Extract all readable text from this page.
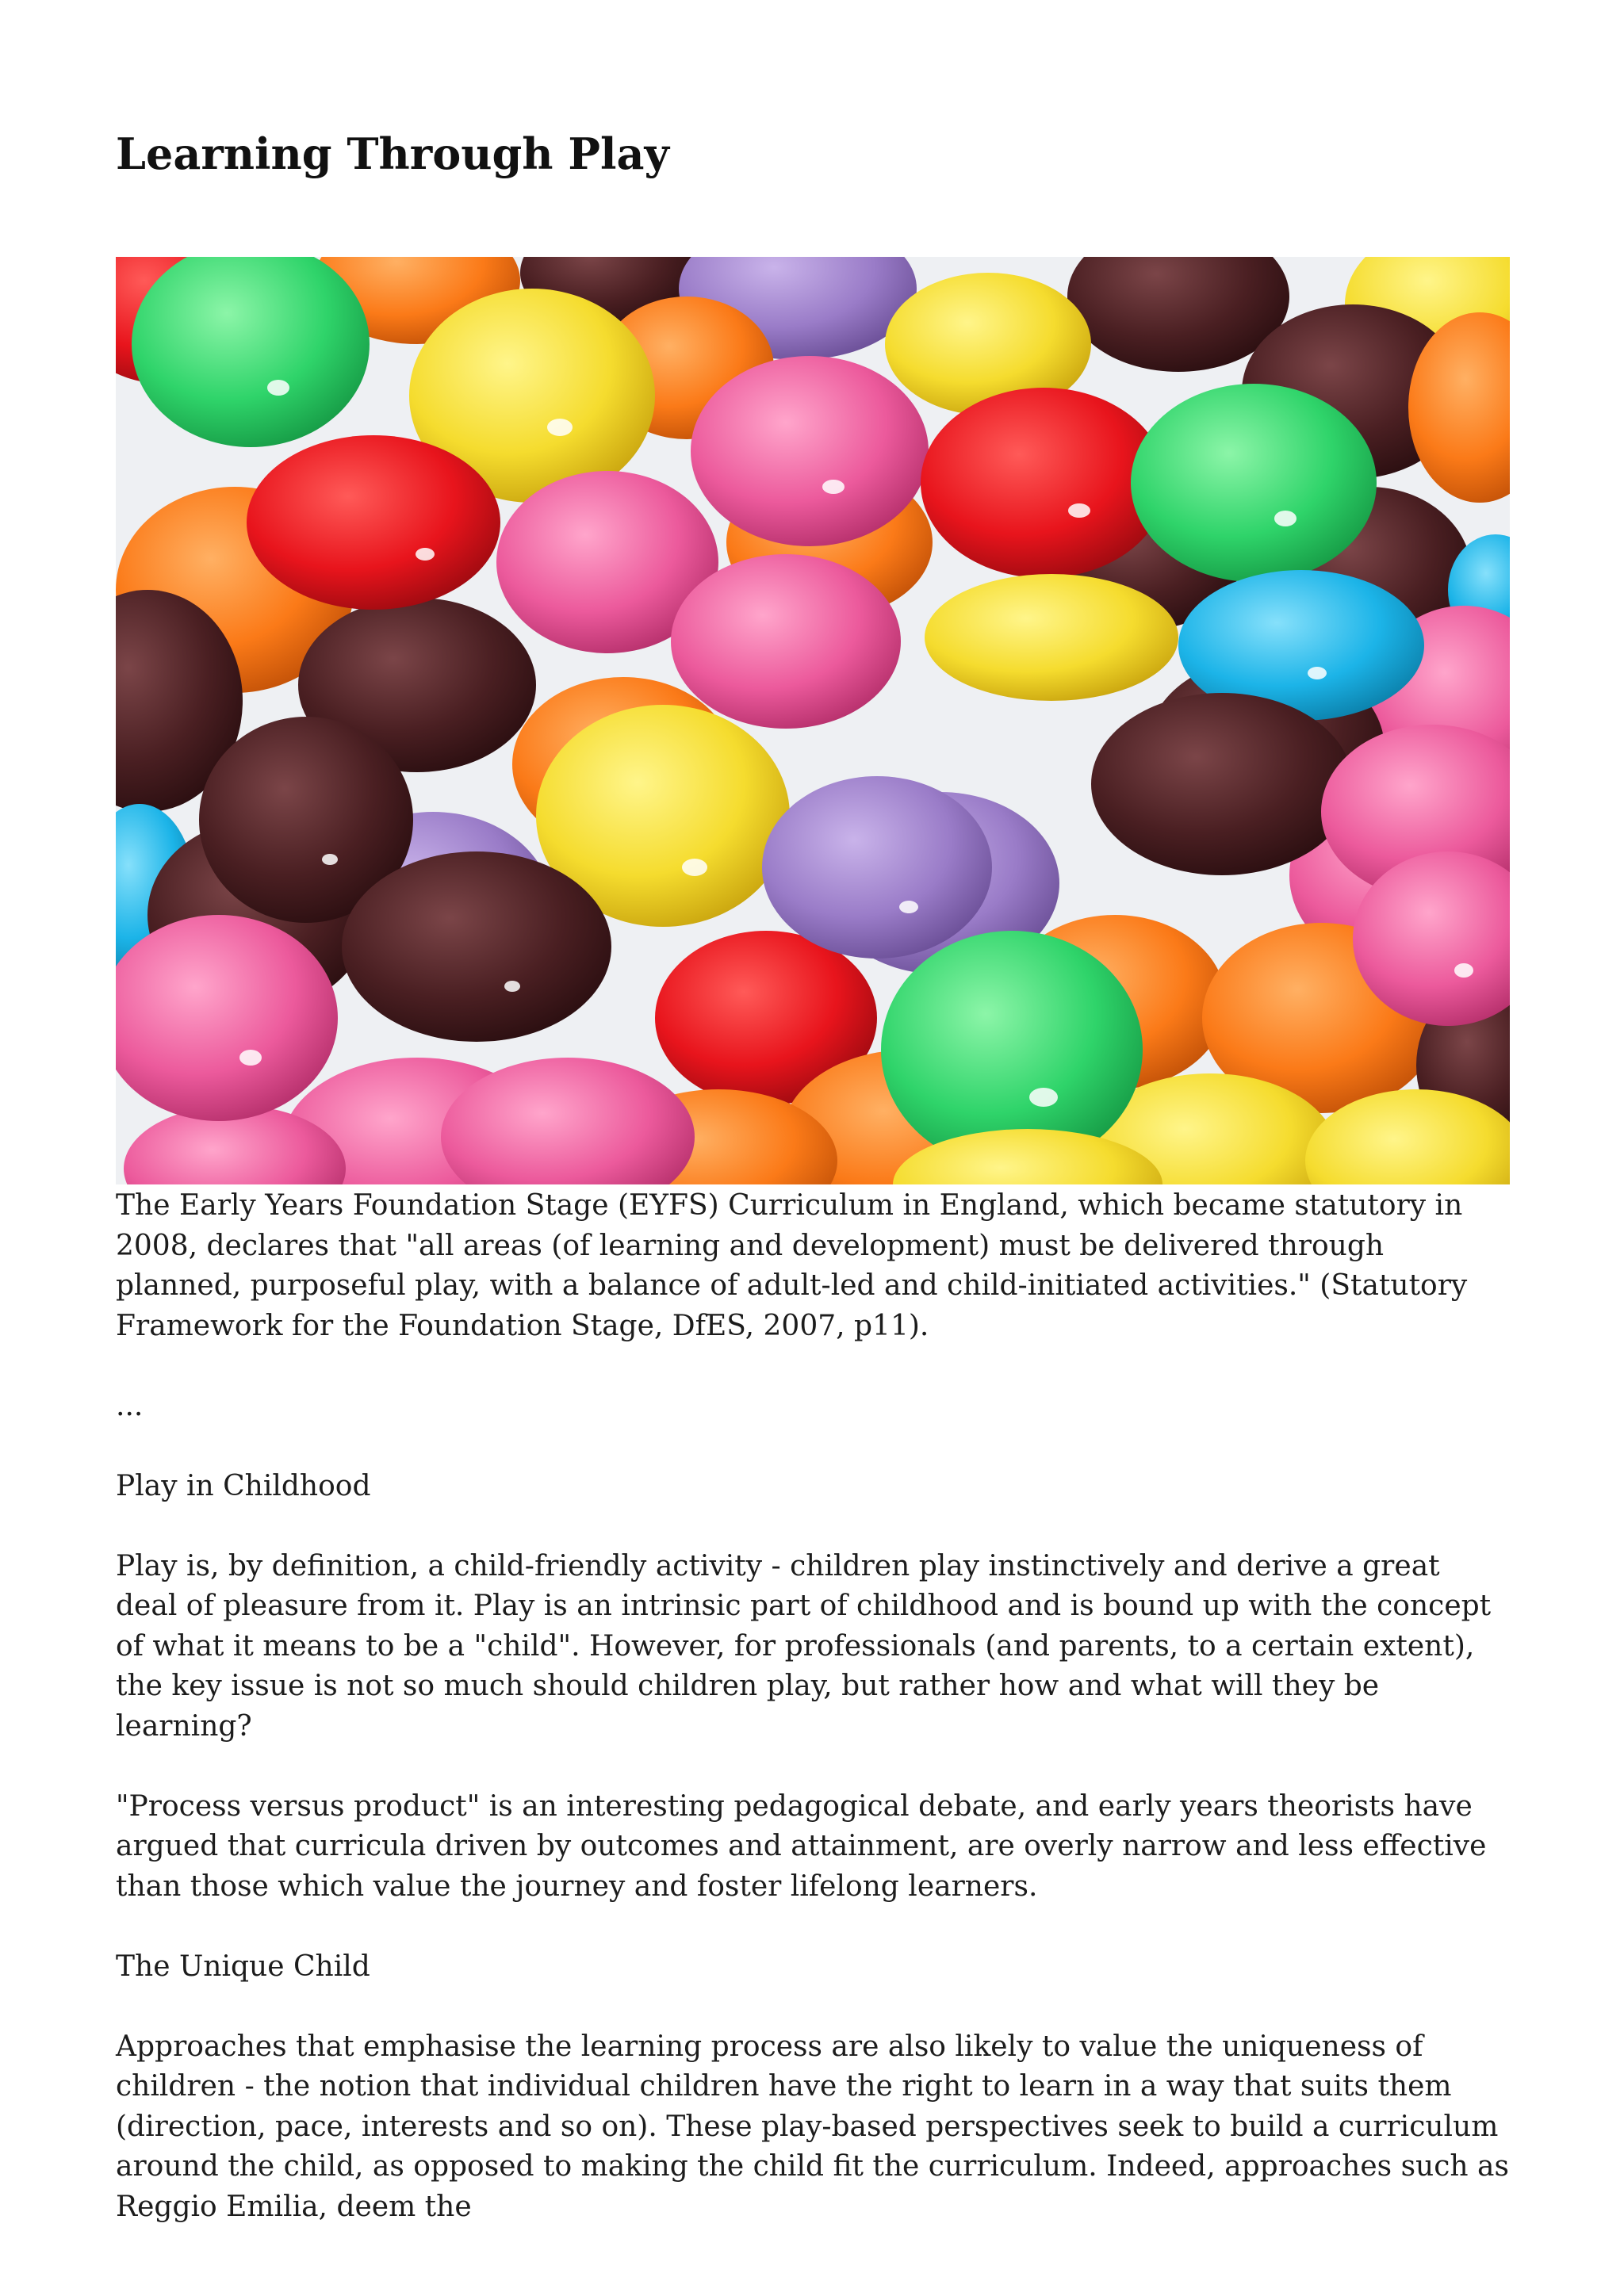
Learning Through Play

The Early Years Foundation Stage (EYFS) Curriculum in England, which became statutory in 2008, declares that "all areas (of learning and development) must be delivered through planned, purposeful play, with a balance of adult-led and child-initiated activities." (Statutory Framework for the Foundation Stage, DfES, 2007, p11).

...

Play in Childhood

Play is, by definition, a child-friendly activity - children play instinctively and derive a great deal of pleasure from it. Play is an intrinsic part of childhood and is bound up with the concept of what it means to be a "child". However, for professionals (and parents, to a certain extent), the key issue is not so much should children play, but rather how and what will they be learning?

"Process versus product" is an interesting pedagogical debate, and early years theorists have argued that curricula driven by outcomes and attainment, are overly narrow and less effective than those which value the journey and foster lifelong learners.

The Unique Child

Approaches that emphasise the learning process are also likely to value the uniqueness of children - the notion that individual children have the right to learn in a way that suits them (direction, pace, interests and so on). These play-based perspectives seek to build a curriculum around the child, as opposed to making the child fit the curriculum. Indeed, approaches such as Reggio Emilia, deem the
